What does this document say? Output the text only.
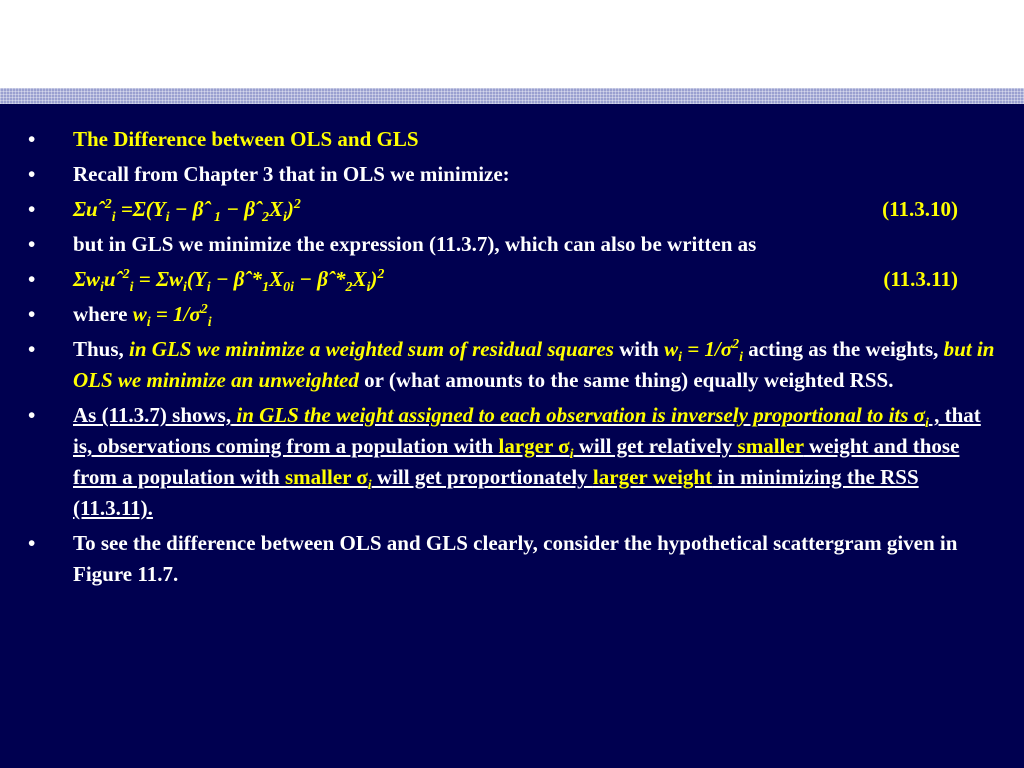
• The Difference between OLS and GLS
• Recall from Chapter 3 that in OLS we minimize:
• Σuˆ$^2_i$ $=\Sigma(Y_i$ − βˆ $_1 - \beta ˆ_2X_i)^2$	(11.3.10)
• but in GLS we minimize the expression (11.3.7), which can also be written as
• $\Sigma w_iuˆ^2_i = \Sigma w_i(Y_i$ − $\beta ˆ*_1X_{0i}$ − $\beta ˆ*_2X_i)^2$	(11.3.11)
• where $w_i = 1/\sigma^2_i$
• Thus, in GLS we minimize a weighted sum of residual squares with $w_i = 1/\sigma^2_i$ acting as the weights, but in OLS we minimize an unweighted or (what amounts to the same thing) equally weighted RSS.
• As (11.3.7) shows, in GLS the weight assigned to each observation is inversely proportional to its $\sigma_i$ , that is, observations coming from a population with larger $\sigma_i$ will get relatively smaller weight and those from a population with smaller $\sigma_i$ will get proportionately larger weight in minimizing the RSS (11.3.11).
• To see the difference between OLS and GLS clearly, consider the hypothetical scattergram given in Figure 11.7.
